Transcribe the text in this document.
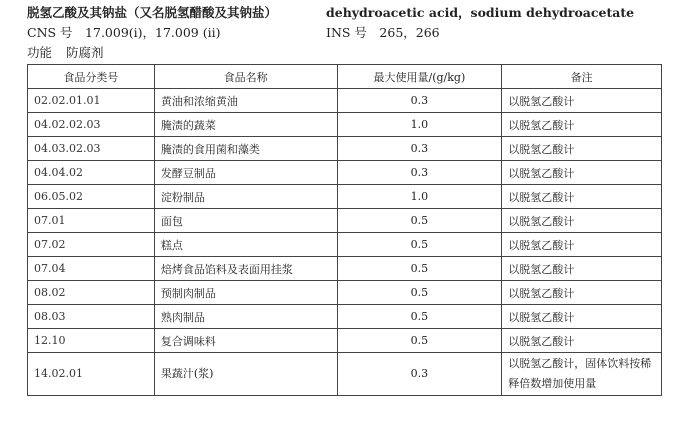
脱氢乙酸及其钠盐（又名脱氢醋酸及其钠盐）	dehydroacetic acid，sodium dehydroacetate
CNS 号　17.009(i)，17.009 (ii)	INS 号　265，266
功能 防腐剂
食品分类号	食品名称	最大使用量/(g/kg)	备注
02.02.01.01	黄油和浓缩黄油	0.3	以脱氢乙酸计
04.02.02.03	腌渍的蔬菜	1.0	以脱氢乙酸计
04.03.02.03	腌渍的食用菌和藻类	0.3	以脱氢乙酸计
04.04.02	发酵豆制品	0.3	以脱氢乙酸计
06.05.02	淀粉制品	1.0	以脱氢乙酸计
07.01	面包	0.5	以脱氢乙酸计
07.02	糕点	0.5	以脱氢乙酸计
07.04	焙烤食品馅料及表面用挂浆	0.5	以脱氢乙酸计
08.02	预制肉制品	0.5	以脱氢乙酸计
08.03	熟肉制品	0.5	以脱氢乙酸计
12.10	复合调味料	0.5	以脱氢乙酸计
14.02.01	果蔬汁(浆)	0.3	以脱氢乙酸计，固体饮料按稀释倍数增加使用量
